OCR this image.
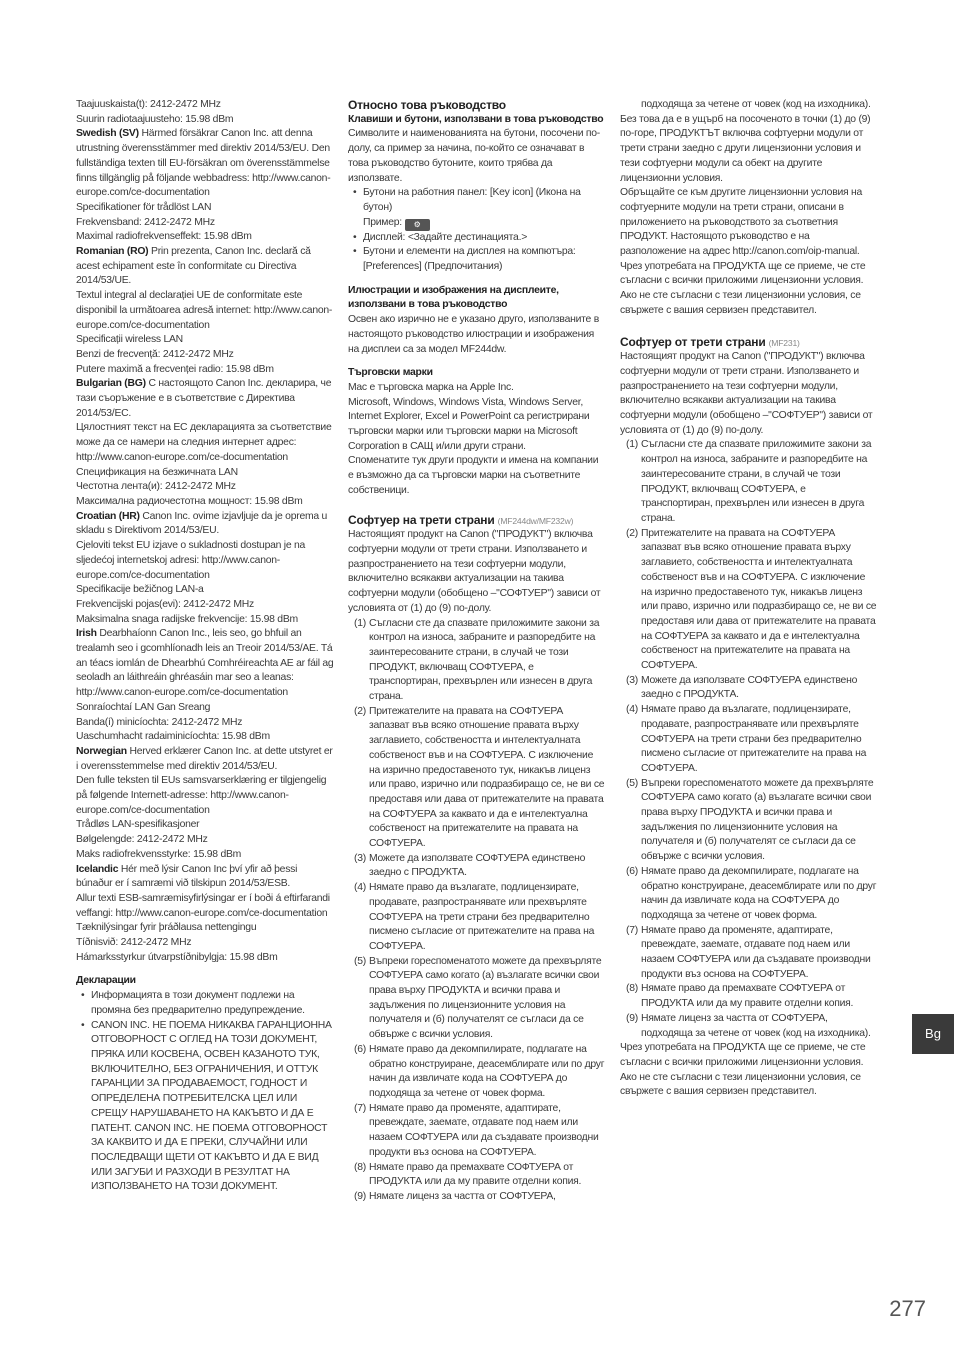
Taajuuskaista(t): 2412-2472 MHz

Suurin radiotaajuusteho: 15.98 dBm

Swedish (SV) Härmed försäkrar Canon Inc. att denna utrustning överensstämmer med direktiv 2014/53/EU. Den fullständiga texten till EU-försäkran om överensstämmelse finns tillgänglig på följande webbadress: http://www.canon-europe.com/ce-documentation

Specifikationer för trådlöst LAN

Frekvensband: 2412-2472 MHz

Maximal radiofrekvenseffekt: 15.98 dBm

Romanian (RO) Prin prezenta, Canon Inc. declară că acest echipament este în conformitate cu Directiva 2014/53/UE.

Textul integral al declarației UE de conformitate este disponibil la următoarea adresă internet: http://www.canon-europe.com/ce-documentation

Specificații wireless LAN

Benzi de frecvență: 2412-2472 MHz

Putere maximă a frecvenței radio: 15.98 dBm

Bulgarian (BG) С настоящото Canon Inc. декларира, че тази съоръжение е в съответствие с Директива 2014/53/ЕС.

Цялостният текст на ЕС декларацията за съответствие може да се намери на следния интернет адрес: http://www.canon-europe.com/ce-documentation

Спецификация на безжичната LAN

Честотна лента(и): 2412-2472 MHz

Максимална радиочестотна мощност: 15.98 dBm

Croatian (HR) Canon Inc. ovime izjavljuje da je oprema u skladu s Direktivom 2014/53/EU.

Cjeloviti tekst EU izjave o sukladnosti dostupan je na sljedećoj internetskoj adresi: http://www.canon-europe.com/ce-documentation

Specifikacije bežičnog LAN-a

Frekvencijski pojas(evi): 2412-2472 MHz

Maksimalna snaga radijske frekvencije: 15.98 dBm

Irish Dearbhaíonn Canon Inc., leis seo, go bhfuil an trealamh seo i gcomhlíonadh leis an Treoir 2014/53/AE. Tá an téacs iomlán de Dhearbhú Comhréireachta AE ar fáil ag seoladh an láithreáin ghréasáin mar seo a leanas: http://www.canon-europe.com/ce-documentation

Sonraíochtaí LAN Gan Sreang

Banda(í) minicíochta: 2412-2472 MHz

Uaschumhacht radaiminicíochta: 15.98 dBm

Norwegian Herved erklærer Canon Inc. at dette utstyret er i overensstemmelse med direktiv 2014/53/EU.

Den fulle teksten til EUs samsvarserklæring er tilgjengelig på følgende Internett-adresse: http://www.canon-europe.com/ce-documentation

Trådløs LAN-spesifikasjoner

Bølgelengde: 2412-2472 MHz

Maks radiofrekvensstyrke: 15.98 dBm

Icelandic Hér með lýsir Canon Inc því yfir að þessi búnaður er í samræmi við tilskipun 2014/53/ESB.

Allur texti ESB-samræmisyfirlýsingar er í boði á eftirfarandi veffangi: http://www.canon-europe.com/ce-documentation

Tæknilýsingar fyrir þráðlausa nettengingu

Tíðnisvið: 2412-2472 MHz

Hámarksstyrkur útvarpstíðnibylgja: 15.98 dBm

Декларации

• Информацията в този документ подлежи на промяна без предварително предупреждение.
• CANON INC. НЕ ПОЕМА НИКАКВА ГАРАНЦИОННА ОТГОВОРНОСТ С ОГЛЕД НА ТОЗИ ДОКУМЕНТ, ПРЯКА ИЛИ КОСВЕНА, ОСВЕН КАЗАНОТО ТУК, ВКЛЮЧИТЕЛНО, БЕЗ ОГРАНИЧЕНИЯ, И ОТТУК ГАРАНЦИИ ЗА ПРОДАВАЕМОСТ, ГОДНОСТ И ОПРЕДЕЛЕНА ПОТРЕБИТЕЛСКА ЦЕЛ ИЛИ СРЕЩУ НАРУШАВАНЕТО НА КАКЪВТО И ДА Е ПАТЕНТ. CANON INC. НЕ ПОЕМА ОТГОВОРНОСТ ЗА КАКВИТО И ДА Е ПРЕКИ, СЛУЧАЙНИ ИЛИ ПОСЛЕДВАЩИ ЩЕТИ ОТ КАКЪВТО И ДА Е ВИД ИЛИ ЗАГУБИ И РАЗХОДИ В РЕЗУЛТАТ НА ИЗПОЛЗВАНЕТО НА ТОЗИ ДОКУМЕНТ.

Относно това ръководство

Клавиши и бутони, използвани в това ръководство

Символите и наименованията на бутони, посочени по-долу, са пример за начина, по-който се означават в това ръководство бутоните, които трябва да използвате.

• Бутони на работния панел: [Key icon] (Икона на бутон)
Пример: ⚙
• Дисплей: <Задайте дестинацията.>
• Бутони и елементи на дисплея на компютъра: [Preferences] (Предпочитания)

Илюстрации и изображения на дисплеите, използвани в това ръководство

Освен ако изрично не е указано друго, използваните в настоящото ръководство илюстрации и изображения на дисплеи са за модел MF244dw.

Търговски марки

Mac е търговска марка на Apple Inc.

Microsoft, Windows, Windows Vista, Windows Server, Internet Explorer, Excel и PowerPoint са регистрирани търговски марки или търговски марки на Microsoft Corporation в САЩ и/или други страни.

Споменатите тук други продукти и имена на компании е възможно да са търговски марки на съответните собственици.

Софтуер на трети страни (MF244dw/MF232w)

Настоящият продукт на Canon ("ПРОДУКТ") включва софтуерни модули от трети страни. Използването и разпространението на тези софтуерни модули, включително всякакви актуализации на такива софтуерни модули (обобщено –"СОФТУЕР") зависи от условията от (1) до (9) по-долу.

(1) Съгласни сте да спазвате приложимите закони за контрол на износа, забраните и разпоредбите на заинтересованите страни, в случай че този ПРОДУКТ, включващ СОФТУЕРА, е транспортиран, прехвърлен или изнесен в друга страна.
(2) Притежателите на правата на СОФТУЕРА запазват във всяко отношение правата върху заглавието, собствеността и интелектуалната собственост във и на СОФТУЕРА. С изключение на изрично предоставеното тук, никакъв лиценз или право, изрично или подразбиращо се, не ви се предоставя или дава от притежателите на правата на СОФТУЕРА за каквато и да е интелектуална собственост на притежателите на правата на СОФТУЕРА.
(3) Можете да използвате СОФТУЕРА единствено заедно с ПРОДУКТА.
(4) Нямате право да възлагате, подлицензирате, продавате, разпространявате или прехвърляте СОФТУЕРА на трети страни без предварително писмено съгласие от притежателите на права на СОФТУЕРА.
(5) Въпреки гореспоменатото можете да прехвърляте СОФТУЕРА само когато (a) възлагате всички свои права върху ПРОДУКТА и всички права и задължения по лицензионните условия на получателя и (б) получателят се съгласи да се обвърже с всички условия.
(6) Нямате право да декомпилирате, подлагате на обратно конструиране, деасемблирате или по друг начин да извличате кода на СОФТУЕРА до подходяща за четене от човек форма.
(7) Нямате право да променяте, адаптирате, превеждате, заемате, отдавате под наем или назаем СОФТУЕРА или да създавате производни продукти въз основа на СОФТУЕРА.
(8) Нямате право да премахвате СОФТУЕРА от ПРОДУКТА или да му правите отделни копия.
(9) Нямате лиценз за частта от СОФТУЕРА,
подходяща за четене от човек (код на изходника).

Без това да е в ущърб на посоченото в точки (1) до (9) по-горе, ПРОДУКТЪТ включва софтуерни модули от трети страни заедно с други лицензионни условия и тези софтуерни модули са обект на другите лицензионни условия.

Обръщайте се към другите лицензионни условия на софтуерните модули на трети страни, описани в приложението на ръководството за съответния ПРОДУКТ. Настоящото ръководство е на разположение на адрес http://canon.com/oip-manual.

Чрез употребата на ПРОДУКТА ще се приеме, че сте съгласни с всички приложими лицензионни условия. Ако не сте съгласни с тези лицензионни условия, се свържете с вашия сервизен представител.

Софтуер от трети страни (MF231)

Настоящият продукт на Canon ("ПРОДУКТ") включва софтуерни модули от трети страни. Използването и разпространението на тези софтуерни модули, включително всякакви актуализации на такива софтуерни модули (обобщено –"СОФТУЕР") зависи от условията от (1) до (9) по-долу.

(1) Съгласни сте да спазвате приложимите закони за контрол на износа, забраните и разпоредбите на заинтересованите страни, в случай че този ПРОДУКТ, включващ СОФТУЕРА, е транспортиран, прехвърлен или изнесен в друга страна.
(2) Притежателите на правата на СОФТУЕРА запазват във всяко отношение правата върху заглавието, собствеността и интелектуалната собственост във и на СОФТУЕРА. С изключение на изрично предоставеното тук, никакъв лиценз или право, изрично или подразбиращо се, не ви се предоставя или дава от притежателите на правата на СОФТУЕРА за каквато и да е интелектуална собственост на притежателите на правата на СОФТУЕРА.
(3) Можете да използвате СОФТУЕРА единствено заедно с ПРОДУКТА.
(4) Нямате право да възлагате, подлицензирате, продавате, разпространявате или прехвърляте СОФТУЕРА на трети страни без предварително писмено съгласие от притежателите на права на СОФТУЕРА.
(5) Въпреки гореспоменатото можете да прехвърляте СОФТУЕРА само когато (a) възлагате всички свои права върху ПРОДУКТА и всички права и задължения по лицензионните условия на получателя и (б) получателят се съгласи да се обвърже с всички условия.
(6) Нямате право да декомпилирате, подлагате на обратно конструиране, деасемблирате или по друг начин да извличате кода на СОФТУЕРА до подходяща за четене от човек форма.
(7) Нямате право да променяте, адаптирате, превеждате, заемате, отдавате под наем или назаем СОФТУЕРА или да създавате производни продукти въз основа на СОФТУЕРА.
(8) Нямате право да премахвате СОФТУЕРА от ПРОДУКТА или да му правите отделни копия.
(9) Нямате лиценз за частта от СОФТУЕРА, подходяща за четене от човек (код на изходника).

Чрез употребата на ПРОДУКТА ще се приеме, че сте съгласни с всички приложими лицензионни условия. Ако не сте съгласни с тези лицензионни условия, се свържете с вашия сервизен представител.

Bg
277
